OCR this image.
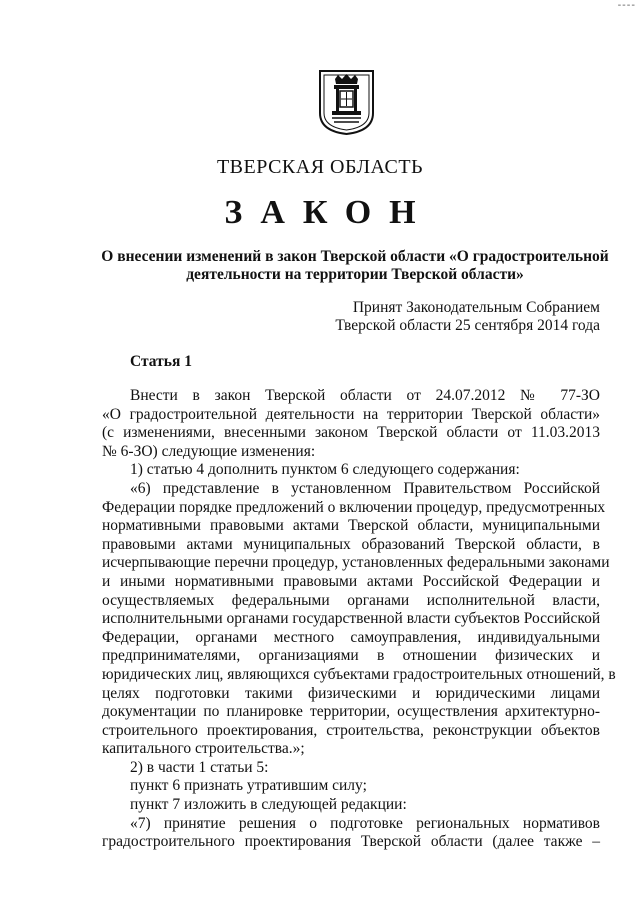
----
ТВЕРСКАЯ ОБЛАСТЬ
ЗАКОН
О внесении изменений в закон Тверской области «О градостроительной
деятельности на территории Тверской области»
Принят Законодательным Собранием
Тверской области 25 сентября 2014 года
Статья 1
Внести в закон Тверской области от 24.07.2012 № 77-ЗО
«О градостроительной деятельности на территории Тверской области»
(с изменениями, внесенными законом Тверской области от 11.03.2013
№ 6-ЗО) следующие изменения:
1) статью 4 дополнить пунктом 6 следующего содержания:
«6) представление в установленном Правительством Российской
Федерации порядке предложений о включении процедур, предусмотренных
нормативными правовыми актами Тверской области, муниципальными
правовыми актами муниципальных образований Тверской области, в
исчерпывающие перечни процедур, установленных федеральными законами
и иными нормативными правовыми актами Российской Федерации и
осуществляемых федеральными органами исполнительной власти,
исполнительными органами государственной власти субъектов Российской
Федерации, органами местного самоуправления, индивидуальными
предпринимателями, организациями в отношении физических и
юридических лиц, являющихся субъектами градостроительных отношений, в
целях подготовки такими физическими и юридическими лицами
документации по планировке территории, осуществления архитектурно-
строительного проектирования, строительства, реконструкции объектов
капитального строительства.»;
2) в части 1 статьи 5:
пункт 6 признать утратившим силу;
пункт 7 изложить в следующей редакции:
«7) принятие решения о подготовке региональных нормативов
градостроительного проектирования Тверской области (далее также –
